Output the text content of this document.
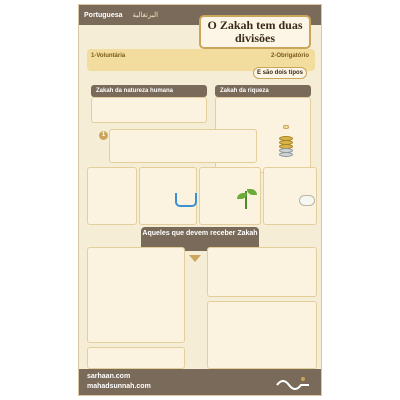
Portuguesa	البرتغالية
O Zakah tem duas divisões
1-Voluntária	2-Obrigatório
E são dois tipos
Zakah da natureza humana	Zakah da riqueza
1
Aqueles que devem receber Zakah
sarhaan.com
mahadsunnah.com
